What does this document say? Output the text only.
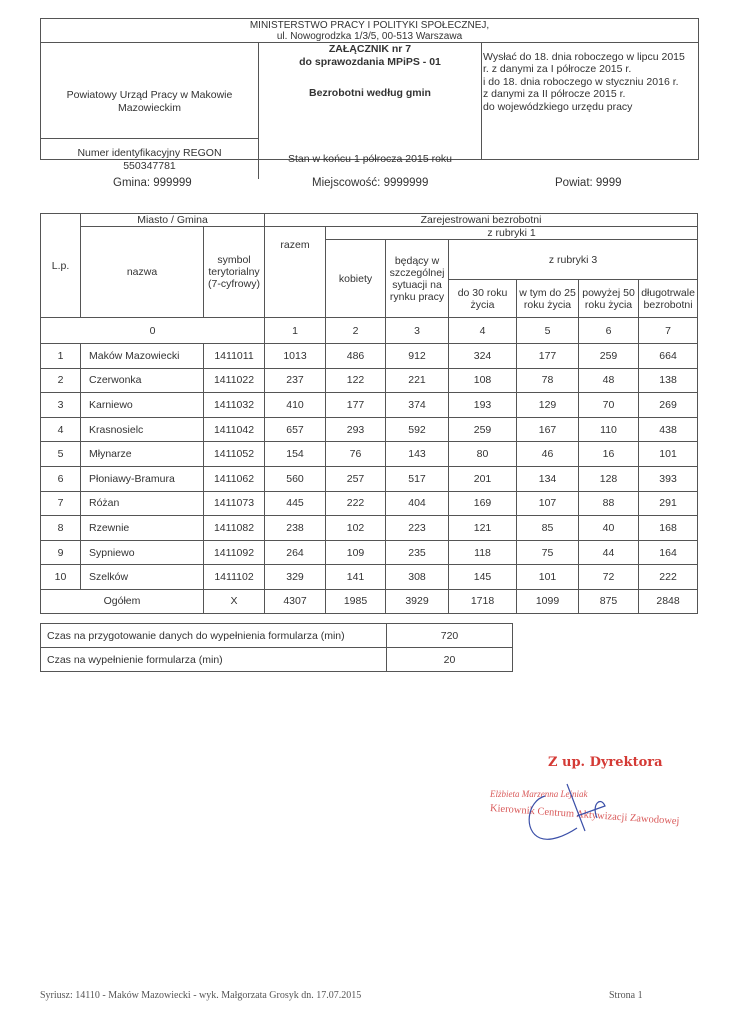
MINISTERSTWO PRACY I POLITYKI SPOŁECZNEJ,
ul. Nowogrodzka 1/3/5, 00-513 Warszawa
Powiatowy Urząd Pracy w Makowie Mazowieckim
Numer identyfikacyjny REGON
550347781
ZAŁĄCZNIK nr 7
do sprawozdania MPiPS - 01
Bezrobotni według gmin
Stan w końcu 1 półrocza 2015 roku
Wysłać do 18. dnia roboczego w lipcu 2015
r. z danymi za I półrocze 2015 r.
i do 18. dnia roboczego w styczniu 2016 r.
z danymi za II półrocze 2015 r.
do wojewódzkiego urzędu pracy
Gmina: 999999	Miejscowość: 9999999	Powiat: 9999
L.p.	Miasto / Gmina		Zarejestrowani bezrobotni						
	nazwa	symbol terytorialny (7-cyfrowy)	razem	z rubryki 1					
				kobiety	będący w szczególnej sytuacji na rynku pracy	z rubryki 3			
						do 30 roku życia	w tym do 25 roku życia	powyżej 50 roku życia	długotrwale bezrobotni
0			1	2	3	4	5	6	7
1	Maków Mazowiecki	1411011	1013	486	912	324	177	259	664
2	Czerwonka	1411022	237	122	221	108	78	48	138
3	Karniewo	1411032	410	177	374	193	129	70	269
4	Krasnosielc	1411042	657	293	592	259	167	110	438
5	Młynarze	1411052	154	76	143	80	46	16	101
6	Płoniawy-Bramura	1411062	560	257	517	201	134	128	393
7	Różan	1411073	445	222	404	169	107	88	291
8	Rzewnie	1411082	238	102	223	121	85	40	168
9	Sypniewo	1411092	264	109	235	118	75	44	164
10	Szelków	1411102	329	141	308	145	101	72	222
Ogółem		X	4307	1985	3929	1718	1099	875	2848
Czas na przygotowanie danych do wypełnienia formularza (min)	720
Czas na wypełnienie formularza (min)	20
Z up. Dyrektora
Elżbieta Marzenna Lejniak
Kierownik Centrum Aktywizacji Zawodowej
Syriusz: 14110 - Maków Mazowiecki - wyk. Małgorzata Grosyk dn. 17.07.2015	Strona 1
